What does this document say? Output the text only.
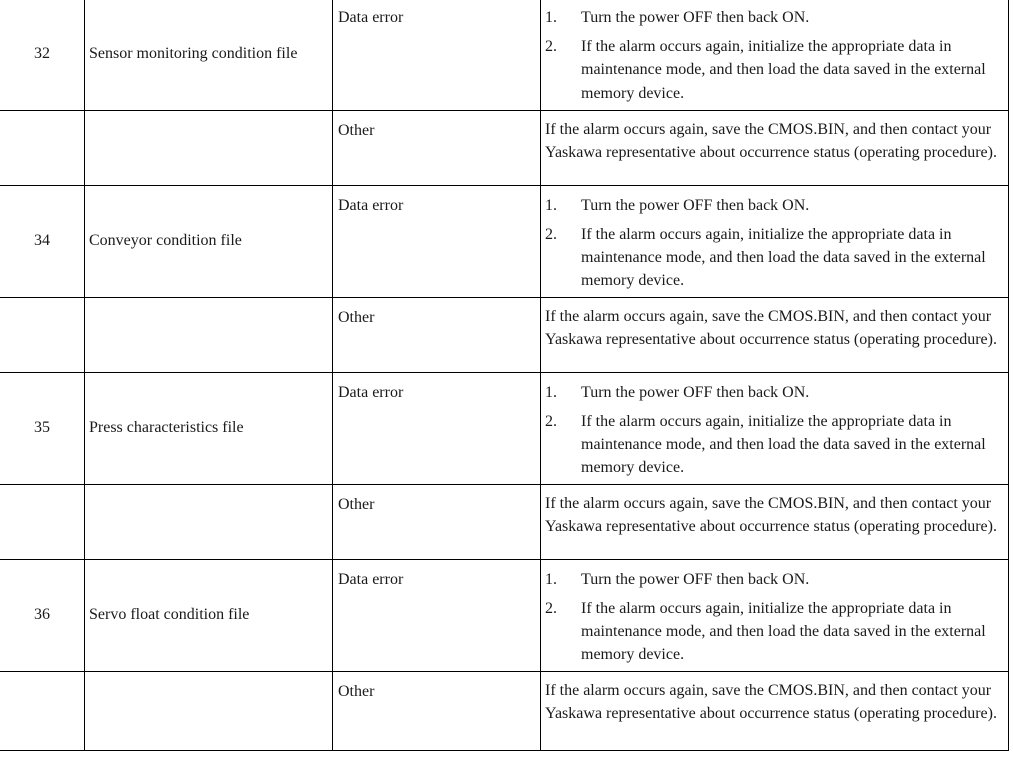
32	Sensor monitoring condition file	Data error	1. Turn the power OFF then back ON.
2. If the alarm occurs again, initialize the appropriate data in maintenance mode, and then load the data saved in the external memory device.

		Other	If the alarm occurs again, save the CMOS.BIN, and then contact your Yaskawa representative about occurrence status (operating procedure).

34	Conveyor condition file	Data error	1. Turn the power OFF then back ON.
2. If the alarm occurs again, initialize the appropriate data in maintenance mode, and then load the data saved in the external memory device.

		Other	If the alarm occurs again, save the CMOS.BIN, and then contact your Yaskawa representative about occurrence status (operating procedure).

35	Press characteristics file	Data error	1. Turn the power OFF then back ON.
2. If the alarm occurs again, initialize the appropriate data in maintenance mode, and then load the data saved in the external memory device.

		Other	If the alarm occurs again, save the CMOS.BIN, and then contact your Yaskawa representative about occurrence status (operating procedure).

36	Servo float condition file	Data error	1. Turn the power OFF then back ON.
2. If the alarm occurs again, initialize the appropriate data in maintenance mode, and then load the data saved in the external memory device.

		Other	If the alarm occurs again, save the CMOS.BIN, and then contact your Yaskawa representative about occurrence status (operating procedure).
